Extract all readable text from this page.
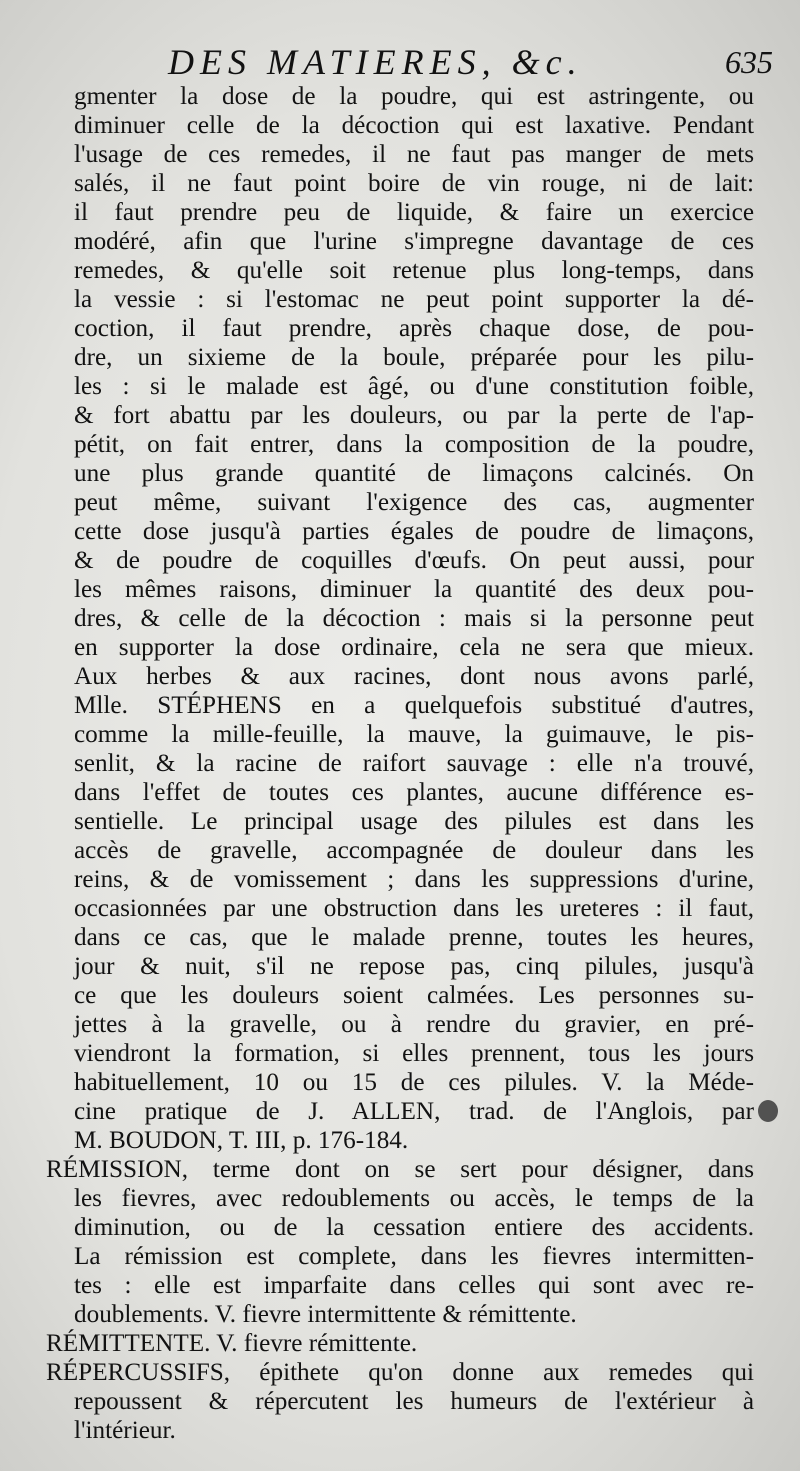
DES MATIERES, &c.	635
gmenter la dose de la poudre, qui est astringente, ou
diminuer celle de la décoction qui est laxative. Pendant
l'usage de ces remedes, il ne faut pas manger de mets
salés, il ne faut point boire de vin rouge, ni de lait:
il faut prendre peu de liquide, & faire un exercice
modéré, afin que l'urine s'impregne davantage de ces
remedes, & qu'elle soit retenue plus long-temps, dans
la vessie : si l'estomac ne peut point supporter la dé-
coction, il faut prendre, après chaque dose, de pou-
dre, un sixieme de la boule, préparée pour les pilu-
les : si le malade est âgé, ou d'une constitution foible,
& fort abattu par les douleurs, ou par la perte de l'ap-
pétit, on fait entrer, dans la composition de la poudre,
une plus grande quantité de limaçons calcinés. On
peut même, suivant l'exigence des cas, augmenter
cette dose jusqu'à parties égales de poudre de limaçons,
& de poudre de coquilles d'œufs. On peut aussi, pour
les mêmes raisons, diminuer la quantité des deux pou-
dres, & celle de la décoction : mais si la personne peut
en supporter la dose ordinaire, cela ne sera que mieux.
Aux herbes & aux racines, dont nous avons parlé,
Mlle. STÉPHENS en a quelquefois substitué d'autres,
comme la mille-feuille, la mauve, la guimauve, le pis-
senlit, & la racine de raifort sauvage : elle n'a trouvé,
dans l'effet de toutes ces plantes, aucune différence es-
sentielle. Le principal usage des pilules est dans les
accès de gravelle, accompagnée de douleur dans les
reins, & de vomissement ; dans les suppressions d'urine,
occasionnées par une obstruction dans les ureteres : il faut,
dans ce cas, que le malade prenne, toutes les heures,
jour & nuit, s'il ne repose pas, cinq pilules, jusqu'à
ce que les douleurs soient calmées. Les personnes su-
jettes à la gravelle, ou à rendre du gravier, en pré-
viendront la formation, si elles prennent, tous les jours
habituellement, 10 ou 15 de ces pilules. V. la Méde-
cine pratique de J. ALLEN, trad. de l'Anglois, par
M. BOUDON, T. III, p. 176-184.
RÉMISSION, terme dont on se sert pour désigner, dans
les fievres, avec redoublements ou accès, le temps de la
diminution, ou de la cessation entiere des accidents.
La rémission est complete, dans les fievres intermitten-
tes : elle est imparfaite dans celles qui sont avec re-
doublements. V. fievre intermittente & rémittente.
RÉMITTENTE. V. fievre rémittente.
RÉPERCUSSIFS, épithete qu'on donne aux remedes qui
repoussent & répercutent les humeurs de l'extérieur à
l'intérieur.
